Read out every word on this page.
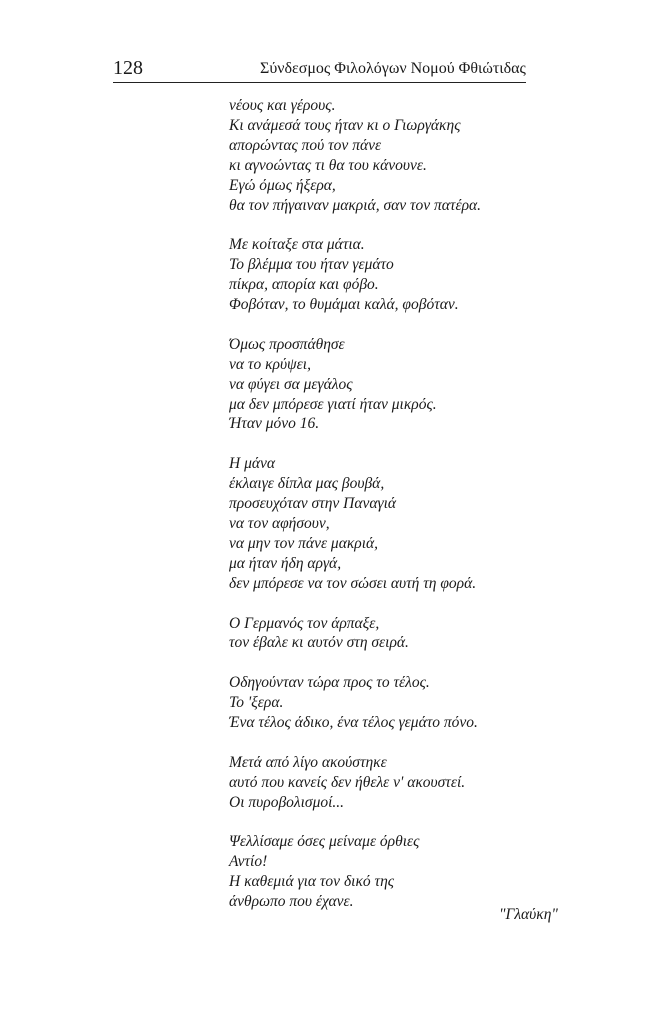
128	Σύνδεσμος Φιλολόγων Νομού Φθιώτιδας
νέους και γέρους.
Κι ανάμεσά τους ήταν κι ο Γιωργάκης
απορώντας πού τον πάνε
κι αγνοώντας τι θα του κάνουνε.
Εγώ όμως ήξερα,
θα τον πήγαιναν μακριά, σαν τον πατέρα.
Με κοίταξε στα μάτια.
Το βλέμμα του ήταν γεμάτο
πίκρα, απορία και φόβο.
Φοβόταν, το θυμάμαι καλά, φοβόταν.
Όμως προσπάθησε
να το κρύψει,
να φύγει σα μεγάλος
μα δεν μπόρεσε γιατί ήταν μικρός.
Ήταν μόνο 16.
Η μάνα
έκλαιγε δίπλα μας βουβά,
προσευχόταν στην Παναγιά
να τον αφήσουν,
να μην τον πάνε μακριά,
μα ήταν ήδη αργά,
δεν μπόρεσε να τον σώσει αυτή τη φορά.
Ο Γερμανός τον άρπαξε,
τον έβαλε κι αυτόν στη σειρά.
Οδηγούνταν τώρα προς το τέλος.
Το 'ξερα.
Ένα τέλος άδικο, ένα τέλος γεμάτο πόνο.
Μετά από λίγο ακούστηκε
αυτό που κανείς δεν ήθελε ν' ακουστεί.
Οι πυροβολισμοί...
Ψελλίσαμε όσες μείναμε όρθιες
Αντίο!
Η καθεμιά για τον δικό της
άνθρωπο που έχανε.
"Γλαύκη"
